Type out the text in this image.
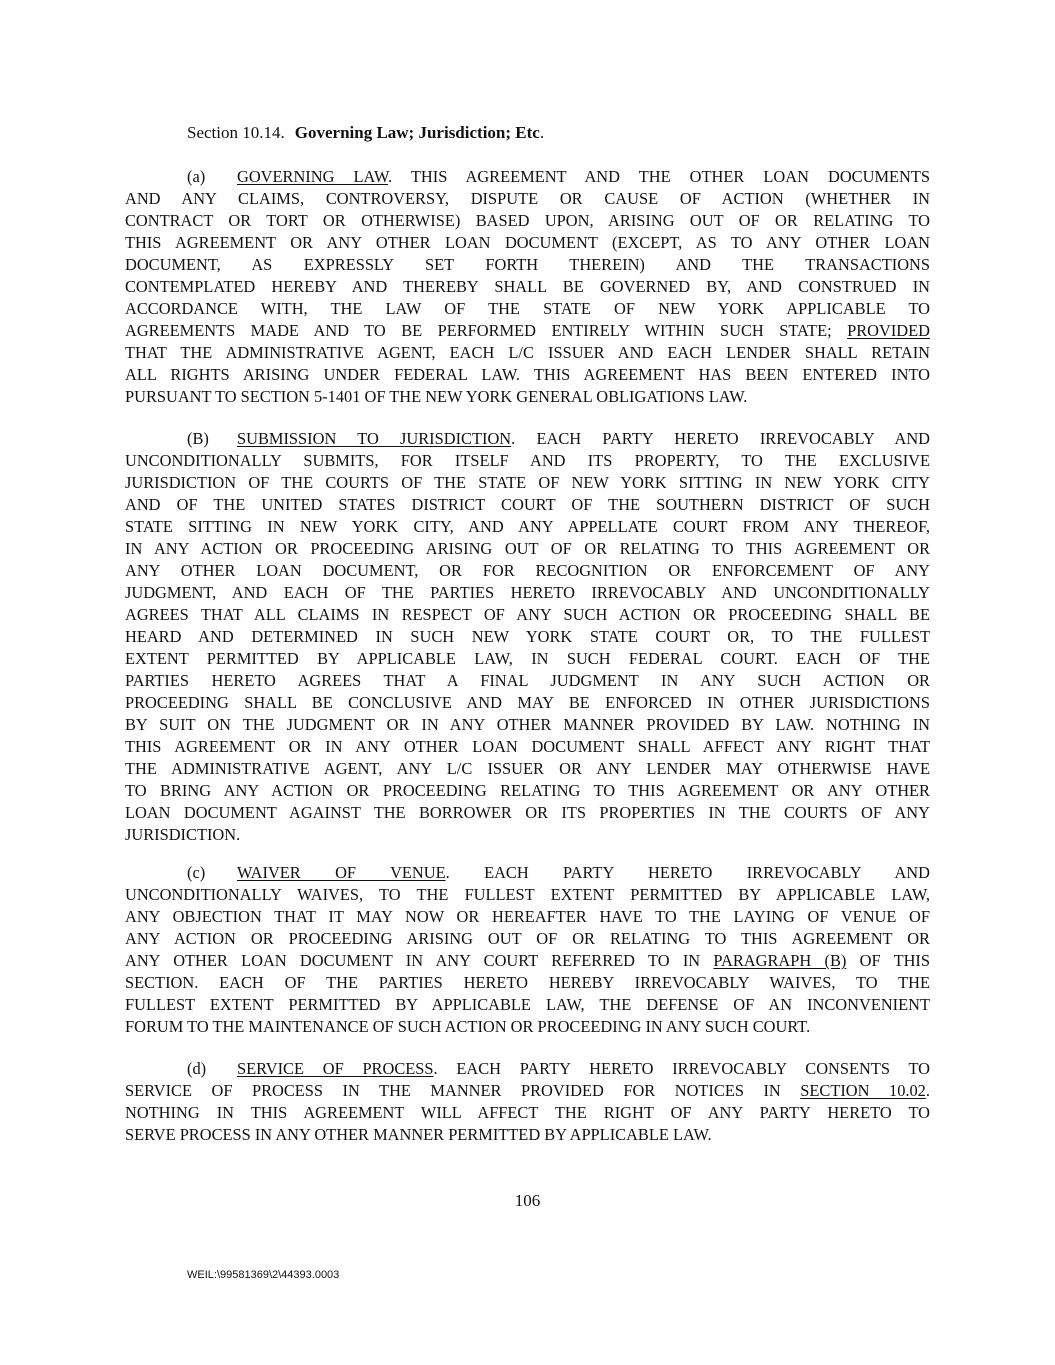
Section 10.14. Governing Law; Jurisdiction; Etc.
(a)	GOVERNING LAW. THIS AGREEMENT AND THE OTHER LOAN DOCUMENTS
AND ANY CLAIMS, CONTROVERSY, DISPUTE OR CAUSE OF ACTION (WHETHER IN
CONTRACT OR TORT OR OTHERWISE) BASED UPON, ARISING OUT OF OR RELATING TO
THIS AGREEMENT OR ANY OTHER LOAN DOCUMENT (EXCEPT, AS TO ANY OTHER LOAN
DOCUMENT, AS EXPRESSLY SET FORTH THEREIN) AND THE TRANSACTIONS
CONTEMPLATED HEREBY AND THEREBY SHALL BE GOVERNED BY, AND CONSTRUED IN
ACCORDANCE WITH, THE LAW OF THE STATE OF NEW YORK APPLICABLE TO
AGREEMENTS MADE AND TO BE PERFORMED ENTIRELY WITHIN SUCH STATE; PROVIDED
THAT THE ADMINISTRATIVE AGENT, EACH L/C ISSUER AND EACH LENDER SHALL RETAIN
ALL RIGHTS ARISING UNDER FEDERAL LAW. THIS AGREEMENT HAS BEEN ENTERED INTO
PURSUANT TO SECTION 5-1401 OF THE NEW YORK GENERAL OBLIGATIONS LAW.
(B)	SUBMISSION TO JURISDICTION. EACH PARTY HERETO IRREVOCABLY AND
UNCONDITIONALLY SUBMITS, FOR ITSELF AND ITS PROPERTY, TO THE EXCLUSIVE
JURISDICTION OF THE COURTS OF THE STATE OF NEW YORK SITTING IN NEW YORK CITY
AND OF THE UNITED STATES DISTRICT COURT OF THE SOUTHERN DISTRICT OF SUCH
STATE SITTING IN NEW YORK CITY, AND ANY APPELLATE COURT FROM ANY THEREOF,
IN ANY ACTION OR PROCEEDING ARISING OUT OF OR RELATING TO THIS AGREEMENT OR
ANY OTHER LOAN DOCUMENT, OR FOR RECOGNITION OR ENFORCEMENT OF ANY
JUDGMENT, AND EACH OF THE PARTIES HERETO IRREVOCABLY AND UNCONDITIONALLY
AGREES THAT ALL CLAIMS IN RESPECT OF ANY SUCH ACTION OR PROCEEDING SHALL BE
HEARD AND DETERMINED IN SUCH NEW YORK STATE COURT OR, TO THE FULLEST
EXTENT PERMITTED BY APPLICABLE LAW, IN SUCH FEDERAL COURT. EACH OF THE
PARTIES HERETO AGREES THAT A FINAL JUDGMENT IN ANY SUCH ACTION OR
PROCEEDING SHALL BE CONCLUSIVE AND MAY BE ENFORCED IN OTHER JURISDICTIONS
BY SUIT ON THE JUDGMENT OR IN ANY OTHER MANNER PROVIDED BY LAW. NOTHING IN
THIS AGREEMENT OR IN ANY OTHER LOAN DOCUMENT SHALL AFFECT ANY RIGHT THAT
THE ADMINISTRATIVE AGENT, ANY L/C ISSUER OR ANY LENDER MAY OTHERWISE HAVE
TO BRING ANY ACTION OR PROCEEDING RELATING TO THIS AGREEMENT OR ANY OTHER
LOAN DOCUMENT AGAINST THE BORROWER OR ITS PROPERTIES IN THE COURTS OF ANY
JURISDICTION.
(c)	WAIVER OF VENUE. EACH PARTY HERETO IRREVOCABLY AND
UNCONDITIONALLY WAIVES, TO THE FULLEST EXTENT PERMITTED BY APPLICABLE LAW,
ANY OBJECTION THAT IT MAY NOW OR HEREAFTER HAVE TO THE LAYING OF VENUE OF
ANY ACTION OR PROCEEDING ARISING OUT OF OR RELATING TO THIS AGREEMENT OR
ANY OTHER LOAN DOCUMENT IN ANY COURT REFERRED TO IN PARAGRAPH (B) OF THIS
SECTION. EACH OF THE PARTIES HERETO HEREBY IRREVOCABLY WAIVES, TO THE
FULLEST EXTENT PERMITTED BY APPLICABLE LAW, THE DEFENSE OF AN INCONVENIENT
FORUM TO THE MAINTENANCE OF SUCH ACTION OR PROCEEDING IN ANY SUCH COURT.
(d)	SERVICE OF PROCESS. EACH PARTY HERETO IRREVOCABLY CONSENTS TO
SERVICE OF PROCESS IN THE MANNER PROVIDED FOR NOTICES IN SECTION 10.02.
NOTHING IN THIS AGREEMENT WILL AFFECT THE RIGHT OF ANY PARTY HERETO TO
SERVE PROCESS IN ANY OTHER MANNER PERMITTED BY APPLICABLE LAW.
106
WEIL:\99581369\2\44393.0003
